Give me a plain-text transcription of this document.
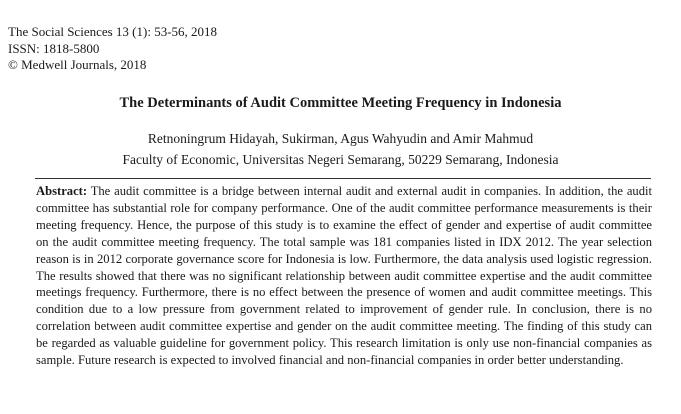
The Social Sciences 13 (1): 53-56, 2018
ISSN: 1818-5800
© Medwell Journals, 2018
The Determinants of Audit Committee Meeting Frequency in Indonesia
Retnoningrum Hidayah, Sukirman, Agus Wahyudin and Amir Mahmud
Faculty of Economic, Universitas Negeri Semarang, 50229 Semarang, Indonesia

Abstract: The audit committee is a bridge between internal audit and external audit in companies. In addition, the audit committee has substantial role for company performance. One of the audit committee performance measurements is their meeting frequency. Hence, the purpose of this study is to examine the effect of gender and expertise of audit committee on the audit committee meeting frequency. The total sample was 181 companies listed in IDX 2012. The year selection reason is in 2012 corporate governance score for Indonesia is low. Furthermore, the data analysis used logistic regression. The results showed that there was no significant relationship between audit committee expertise and the audit committee meetings frequency. Furthermore, there is no effect between the presence of women and audit committee meetings. This condition due to a low pressure from government related to improvement of gender rule. In conclusion, there is no correlation between audit committee expertise and gender on the audit committee meeting. The finding of this study can be regarded as valuable guideline for government policy. This research limitation is only use non-financial companies as sample. Future research is expected to involved financial and non-financial companies in order better understanding.
